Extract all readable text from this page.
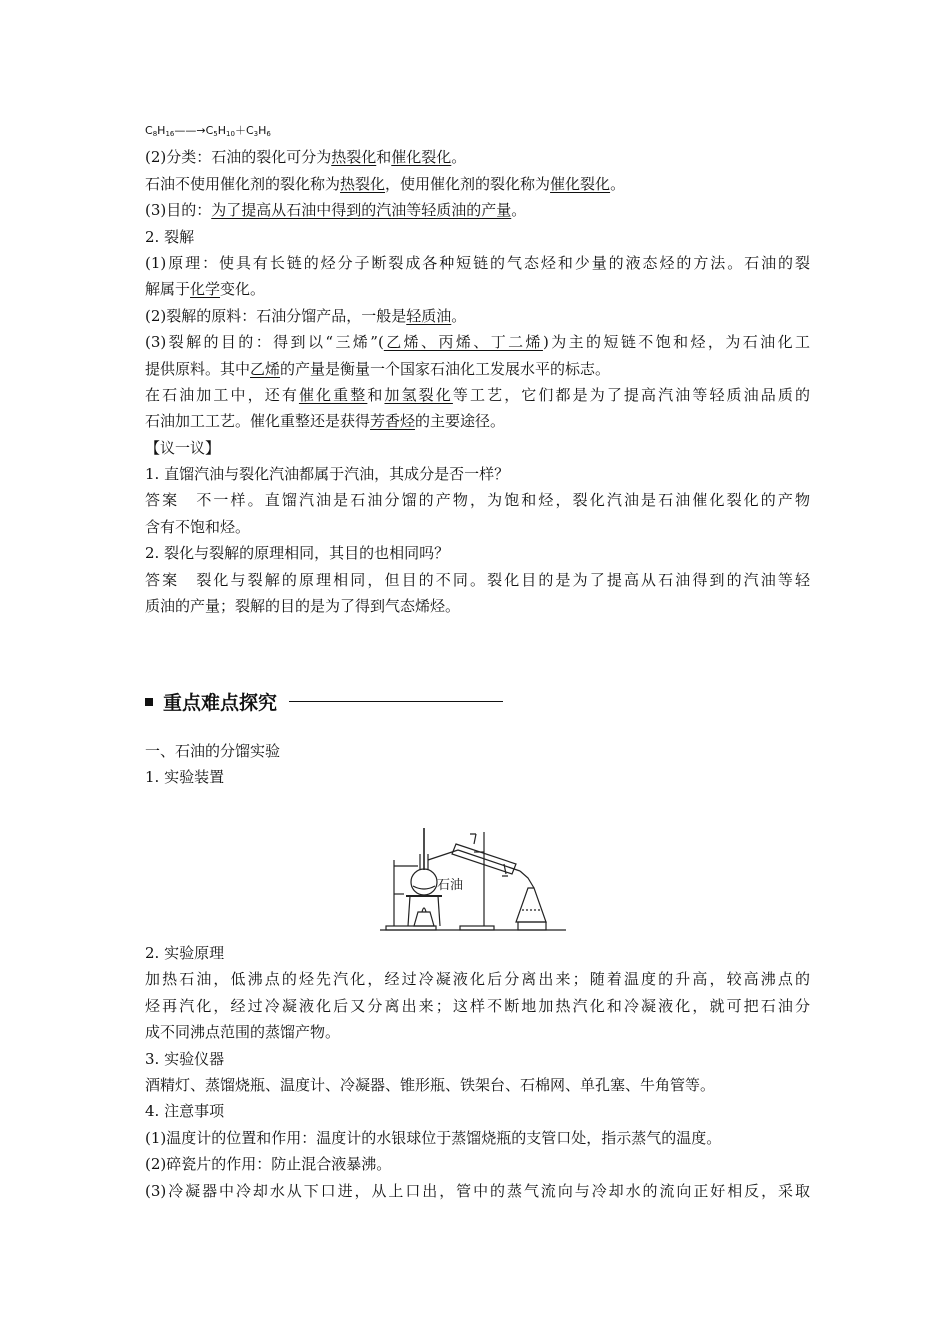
$C_8H_{16}——\to C_5H_{10}+C_3H_6$
(2)分类：石油的裂化可分为热裂化和催化裂化。
石油不使用催化剂的裂化称为热裂化，使用催化剂的裂化称为催化裂化。
(3)目的：为了提高从石油中得到的汽油等轻质油的产量。
2. 裂解
(1)原理：使具有长链的烃分子断裂成各种短链的气态烃和少量的液态烃的方法。石油的裂
解属于化学变化。
(2)裂解的原料：石油分馏产品，一般是轻质油。
(3)裂解的目的：得到以“三烯”(乙烯、丙烯、丁二烯)为主的短链不饱和烃，为石油化工
提供原料。其中乙烯的产量是衡量一个国家石油化工发展水平的标志。
在石油加工中，还有催化重整和加氢裂化等工艺，它们都是为了提高汽油等轻质油品质的
石油加工工艺。催化重整还是获得芳香烃的主要途径。
【议一议】
1. 直馏汽油与裂化汽油都属于汽油，其成分是否一样？
答案　不一样。直馏汽油是石油分馏的产物，为饱和烃，裂化汽油是石油催化裂化的产物
含有不饱和烃。
2. 裂化与裂解的原理相同，其目的也相同吗？
答案　裂化与裂解的原理相同，但目的不同。裂化目的是为了提高从石油得到的汽油等轻
质油的产量；裂解的目的是为了得到气态烯烃。
重点难点探究
一、石油的分馏实验
1. 实验装置
石油
2. 实验原理
加热石油，低沸点的烃先汽化，经过冷凝液化后分离出来；随着温度的升高，较高沸点的
烃再汽化，经过冷凝液化后又分离出来；这样不断地加热汽化和冷凝液化，就可把石油分
成不同沸点范围的蒸馏产物。
3. 实验仪器
酒精灯、蒸馏烧瓶、温度计、冷凝器、锥形瓶、铁架台、石棉网、单孔塞、牛角管等。
4. 注意事项
(1)温度计的位置和作用：温度计的水银球位于蒸馏烧瓶的支管口处，指示蒸气的温度。
(2)碎瓷片的作用：防止混合液暴沸。
(3)冷凝器中冷却水从下口进，从上口出，管中的蒸气流向与冷却水的流向正好相反，采取
